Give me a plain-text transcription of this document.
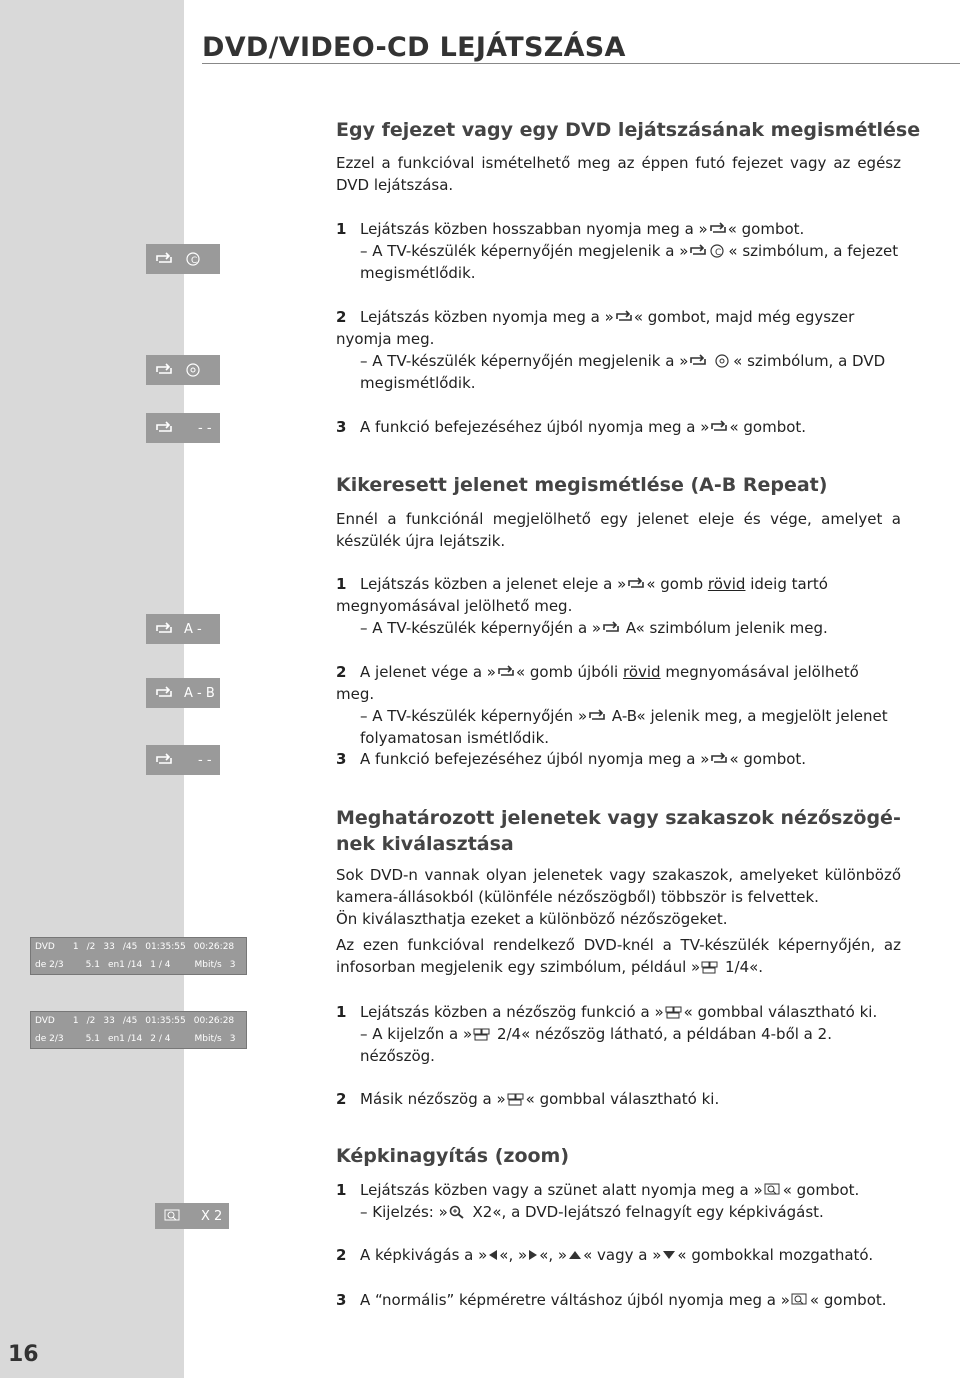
DVD/VIDEO-CD LEJÁTSZÁSA
16
Egy fejezet vagy egy DVD lejátszásának megismétlése
Ezzel a funkcióval ismételhető meg az éppen futó fejezet vagy az egész DVD lejátszása.
1 Lejátszás közben hosszabban nyomja meg a » « gombot.
– A TV-készülék képernyőjén megjelenik a »	C « szimbólum, a fejezet megismétlődik.
2 Lejátszás közben nyomja meg a » « gombot, majd még egyszer nyomja meg.
– A TV-készülék képernyőjén megjelenik a »
	« szimbólum, a DVD megismétlődik.
3 A funkció befejezéséhez újból nyomja meg a » « gombot.
C
- -
Kikeresett jelenet megismétlése (A-B Repeat)
Ennél a funkciónál megjelölhető egy jelenet eleje és vége, amelyet a készülék újra lejátszik.
1 Lejátszás közben a jelenet eleje a » « gomb rövid ideig tartó megnyomásával jelölhető meg.
– A TV-készülék képernyőjén a »
A« szimbólum jelenik meg.
2 A jelenet vége a » « gomb újbóli rövid megnyomásával jelölhető meg.
– A TV-készülék képernyőjén »
A-B« jelenik meg, a megjelölt jelenet folyamatosan ismétlődik.
3 A funkció befejezéséhez újból nyomja meg a » « gombot.
A -
A - B
- -
Meghatározott jelenetek vagy szakaszok nézőszögé-
nek kiválasztása
Sok DVD-n vannak olyan jelenetek vagy szakaszok, amelyeket különböző kamera-állásokból (különféle nézőszögből) többször is felvettek.
Ön kiválaszthatja ezeket a különböző nézőszögeket.
Az ezen funkcióval rendelkező DVD-knél a TV-készülék képernyőjén, az infosorban megjelenik egy szimbólum, például »
1/4«.
1 Lejátszás közben a nézőszög funkció a » « gombbal választható ki.
– A kijelzőn a »
2/4« nézőszög látható, a példában 4-ből a 2. nézőszög.
2 Másik nézőszög a » « gombbal választható ki.
DVD	1 /2 33 /45 01:35:55 00:26:28
de 2/3	5.1 en1 /14 1 / 4	Mbit/s 3
DVD	1 /2 33 /45 01:35:55 00:26:28
de 2/3	5.1 en1 /14 2 / 4	Mbit/s 3
Képkinagyítás (zoom)
1 Lejátszás közben vagy a szünet alatt nyomja meg a » « gombot.
– Kijelzés: »
X2«, a DVD-lejátszó felnagyít egy képkivágást.
2 A képkivágás a » «, » «, » « vagy a » « gombokkal mozgatható.
3 A “normális” képméretre váltáshoz újból nyomja meg a » « gombot.
X 2
